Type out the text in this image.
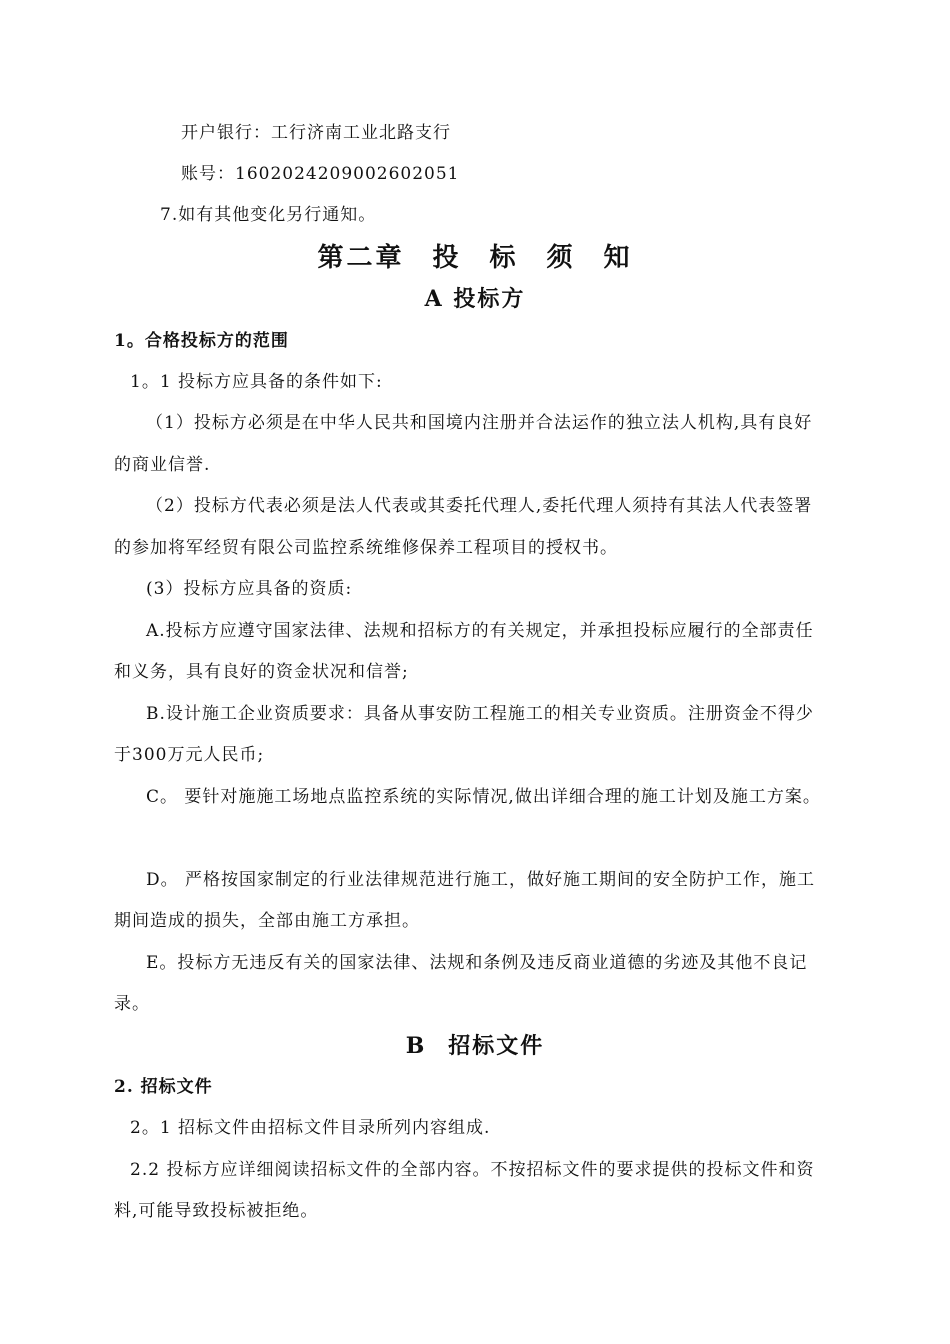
开户银行：工行济南工业北路支行
账号：1602024209002602051
7.如有其他变化另行通知。
第二章 投 标 须 知
A 投标方
1。合格投标方的范围
1。1 投标方应具备的条件如下:
（1）投标方必须是在中华人民共和国境内注册并合法运作的独立法人机构,具有良好
的商业信誉.
（2）投标方代表必须是法人代表或其委托代理人,委托代理人须持有其法人代表签署
的参加将军经贸有限公司监控系统维修保养工程项目的授权书。
(3）投标方应具备的资质:
A.投标方应遵守国家法律、法规和招标方的有关规定，并承担投标应履行的全部责任
和义务，具有良好的资金状况和信誉;
B.设计施工企业资质要求：具备从事安防工程施工的相关专业资质。注册资金不得少
于300万元人民币;
C。 要针对施施工场地点监控系统的实际情况,做出详细合理的施工计划及施工方案。
D。 严格按国家制定的行业法律规范进行施工，做好施工期间的安全防护工作，施工
期间造成的损失，全部由施工方承担。
E。投标方无违反有关的国家法律、法规和条例及违反商业道德的劣迹及其他不良记
录。
B 招标文件
2. 招标文件
2。1 招标文件由招标文件目录所列内容组成.
2.2 投标方应详细阅读招标文件的全部内容。不按招标文件的要求提供的投标文件和资
料,可能导致投标被拒绝。
